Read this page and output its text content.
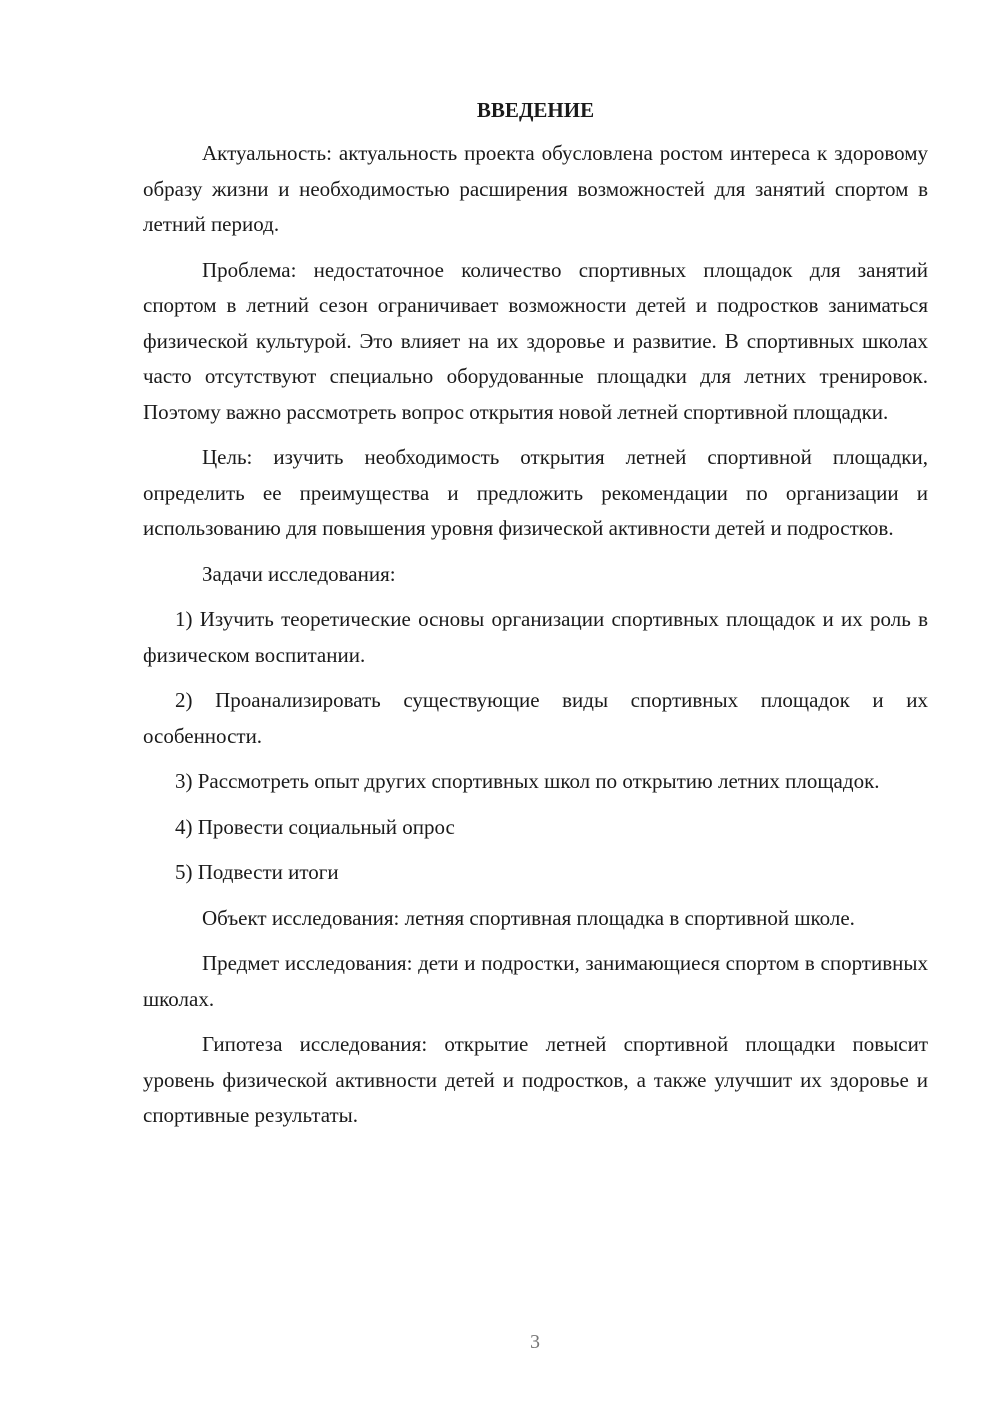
ВВЕДЕНИЕ

Актуальность: актуальность проекта обусловлена ростом интереса к здоровому образу жизни и необходимостью расширения возможностей для занятий спортом в летний период.

Проблема: недостаточное количество спортивных площадок для занятий спортом в летний сезон ограничивает возможности детей и подростков заниматься физической культурой. Это влияет на их здоровье и развитие. В спортивных школах часто отсутствуют специально оборудованные площадки для летних тренировок. Поэтому важно рассмотреть вопрос открытия новой летней спортивной площадки.

Цель: изучить необходимость открытия летней спортивной площадки, определить ее преимущества и предложить рекомендации по организации и использованию для повышения уровня физической активности детей и подростков.

Задачи исследования:

1) Изучить теоретические основы организации спортивных площадок и их роль в физическом воспитании.

2) Проанализировать существующие виды спортивных площадок и их особенности.

3) Рассмотреть опыт других спортивных школ по открытию летних площадок.

4) Провести социальный опрос

5) Подвести итоги

Объект исследования: летняя спортивная площадка в спортивной школе.

Предмет исследования: дети и подростки, занимающиеся спортом в спортивных школах.

Гипотеза исследования: открытие летней спортивной площадки повысит уровень физической активности детей и подростков, а также улучшит их здоровье и спортивные результаты.

3
